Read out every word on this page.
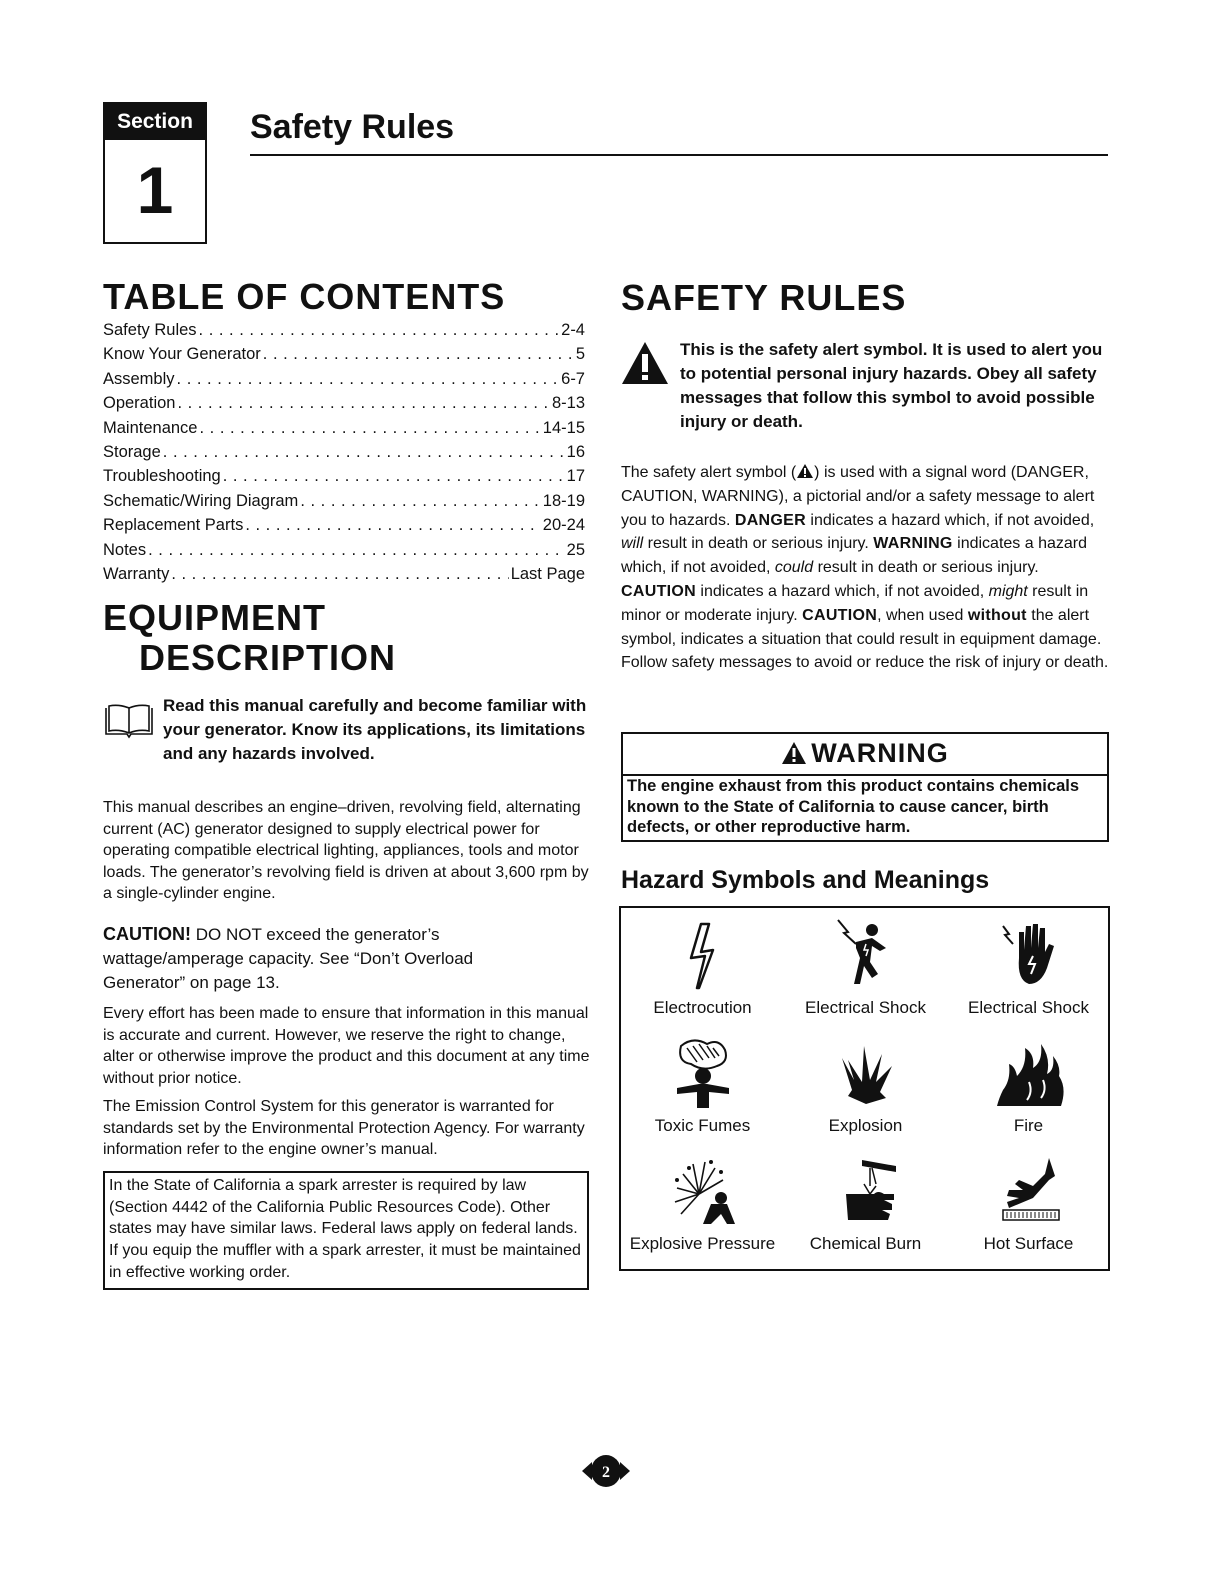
Section
1
Safety Rules
TABLE OF CONTENTS
Safety Rules . . .	2-4
Know Your Generator . . .	5
Assembly . . .	6-7
Operation . . .	8-13
Maintenance . . .	14-15
Storage . . .	16
Troubleshooting . . .	17
Schematic/Wiring Diagram . . .	18-19
Replacement Parts . . .	20-24
Notes . . .	25
Warranty . . .	Last Page
EQUIPMENT
DESCRIPTION
Read this manual carefully and become familiar with your generator. Know its applications, its limitations and any hazards involved.
This manual describes an engine–driven, revolving field, alternating current (AC) generator designed to supply electrical power for operating compatible electrical lighting, appliances, tools and motor loads. The generator’s revolving field is driven at about 3,600 rpm by a single-cylinder engine.
CAUTION! DO NOT exceed the generator’s wattage/amperage capacity. See “Don’t Overload Generator” on page 13.
Every effort has been made to ensure that information in this manual is accurate and current. However, we reserve the right to change, alter or otherwise improve the product and this document at any time without prior notice.
The Emission Control System for this generator is warranted for standards set by the Environmental Protection Agency. For warranty information refer to the engine owner’s manual.
In the State of California a spark arrester is required by law (Section 4442 of the California Public Resources Code). Other states may have similar laws. Federal laws apply on federal lands. If you equip the muffler with a spark arrester, it must be maintained in effective working order.
SAFETY RULES
This is the safety alert symbol. It is used to alert you to potential personal injury hazards. Obey all safety messages that follow this symbol to avoid possible injury or death.
The safety alert symbol ( ) is used with a signal word (DANGER, CAUTION, WARNING), a pictorial and/or a safety message to alert you to hazards. DANGER indicates a hazard which, if not avoided, will result in death or serious injury. WARNING indicates a hazard which, if not avoided, could result in death or serious injury. CAUTION indicates a hazard which, if not avoided, might result in minor or moderate injury. CAUTION, when used without the alert symbol, indicates a situation that could result in equipment damage. Follow safety messages to avoid or reduce the risk of injury or death.
WARNING
The engine exhaust from this product contains chemicals known to the State of California to cause cancer, birth defects, or other reproductive harm.
Hazard Symbols and Meanings
Electrocution	Electrical Shock	Electrical Shock
Toxic Fumes	Explosion	Fire
Explosive Pressure	Chemical Burn	Hot Surface
2
